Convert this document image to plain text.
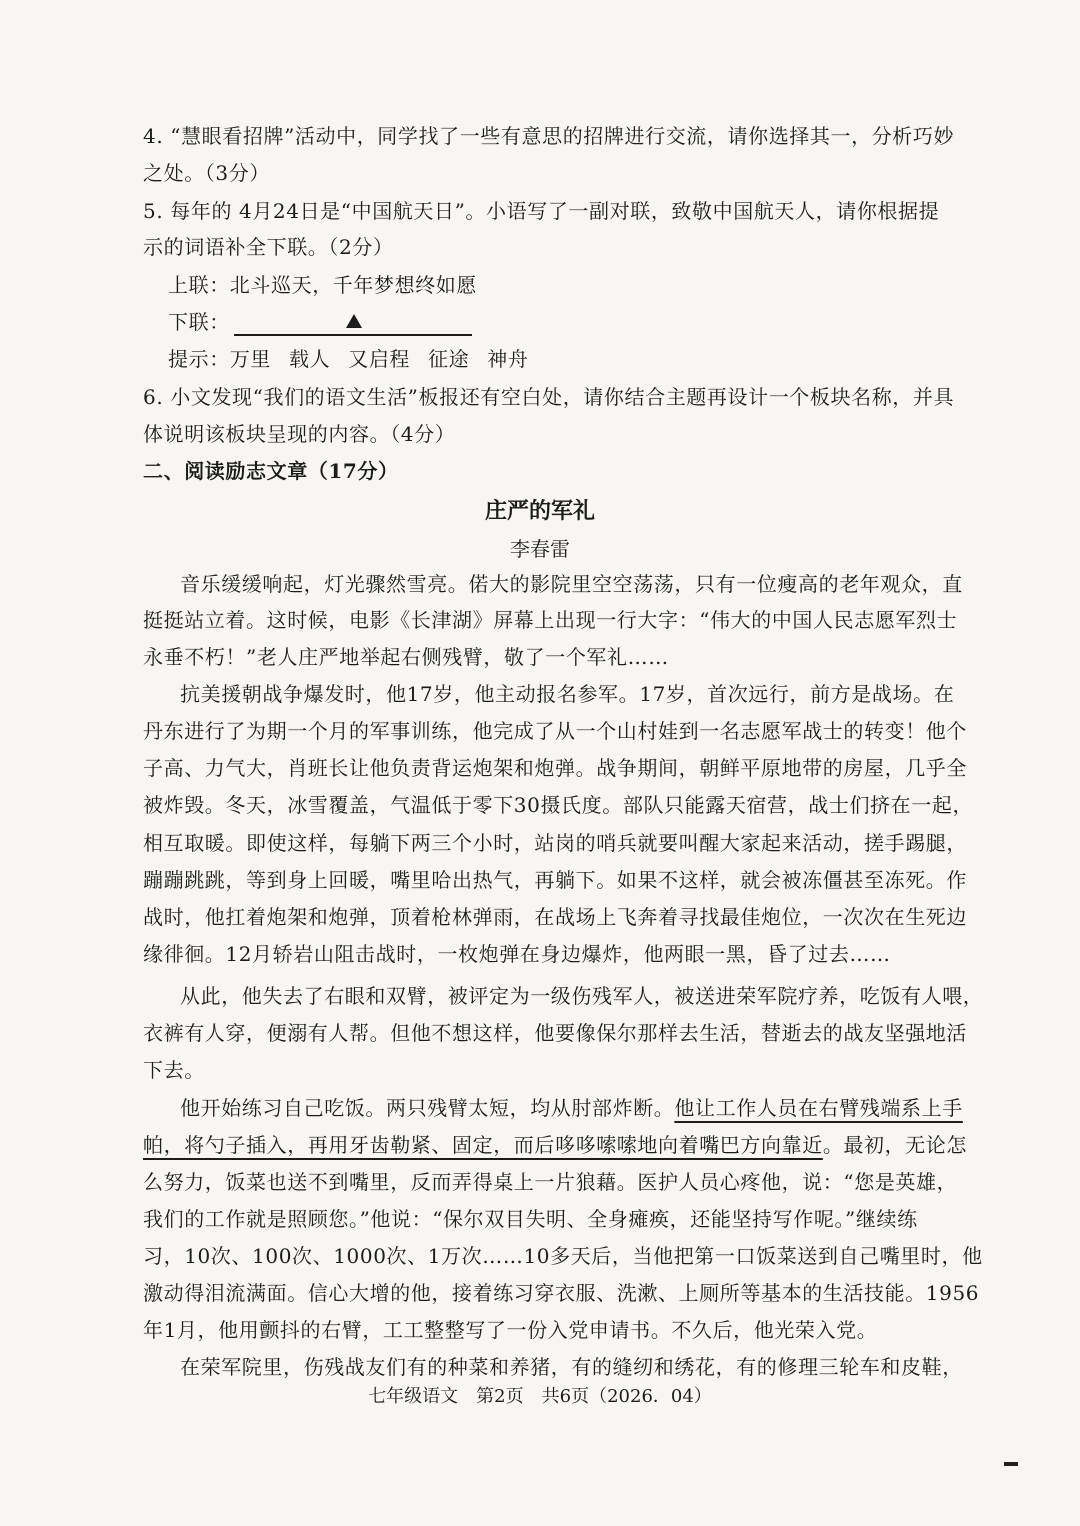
4. “慧眼看招牌”活动中，同学找了一些有意思的招牌进行交流，请你选择其一，分析巧妙
之处。（3分）
5. 每年的 4月24日是“中国航天日”。小语写了一副对联，致敬中国航天人，请你根据提
示的词语补全下联。（2分）
上联：北斗巡天，千年梦想终如愿
下联：
提示：万里 载人 又启程 征途 神舟
6. 小文发现“我们的语文生活”板报还有空白处，请你结合主题再设计一个板块名称，并具
体说明该板块呈现的内容。（4分）
二、阅读励志文章（17分）
庄严的军礼
李春雷
音乐缓缓响起，灯光骤然雪亮。偌大的影院里空空荡荡，只有一位瘦高的老年观众，直
挺挺站立着。这时候，电影《长津湖》屏幕上出现一行大字：“伟大的中国人民志愿军烈士
永垂不朽！”老人庄严地举起右侧残臂，敬了一个军礼……
抗美援朝战争爆发时，他17岁，他主动报名参军。17岁，首次远行，前方是战场。在
丹东进行了为期一个月的军事训练，他完成了从一个山村娃到一名志愿军战士的转变！他个
子高、力气大，肖班长让他负责背运炮架和炮弹。战争期间，朝鲜平原地带的房屋，几乎全
被炸毁。冬天，冰雪覆盖，气温低于零下30摄氏度。部队只能露天宿营，战士们挤在一起，
相互取暖。即使这样，每躺下两三个小时，站岗的哨兵就要叫醒大家起来活动，搓手踢腿，
蹦蹦跳跳，等到身上回暖，嘴里哈出热气，再躺下。如果不这样，就会被冻僵甚至冻死。作
战时，他扛着炮架和炮弹，顶着枪林弹雨，在战场上飞奔着寻找最佳炮位，一次次在生死边
缘徘徊。12月轿岩山阻击战时，一枚炮弹在身边爆炸，他两眼一黑，昏了过去……
从此，他失去了右眼和双臂，被评定为一级伤残军人，被送进荣军院疗养，吃饭有人喂，
衣裤有人穿，便溺有人帮。但他不想这样，他要像保尔那样去生活，替逝去的战友坚强地活
下去。
他开始练习自己吃饭。两只残臂太短，均从肘部炸断。他让工作人员在右臂残端系上手
帕，将勺子插入，再用牙齿勒紧、固定，而后哆哆嗦嗦地向着嘴巴方向靠近。最初，无论怎
么努力，饭菜也送不到嘴里，反而弄得桌上一片狼藉。医护人员心疼他，说：“您是英雄，
我们的工作就是照顾您。”他说：“保尔双目失明、全身瘫痪，还能坚持写作呢。”继续练
习，10次、100次、1000次、1万次……10多天后，当他把第一口饭菜送到自己嘴里时，他
激动得泪流满面。信心大增的他，接着练习穿衣服、洗漱、上厕所等基本的生活技能。1956
年1月，他用颤抖的右臂，工工整整写了一份入党申请书。不久后，他光荣入党。
在荣军院里，伤残战友们有的种菜和养猪，有的缝纫和绣花，有的修理三轮车和皮鞋，
七年级语文　第2页　共6页（2026．04）
